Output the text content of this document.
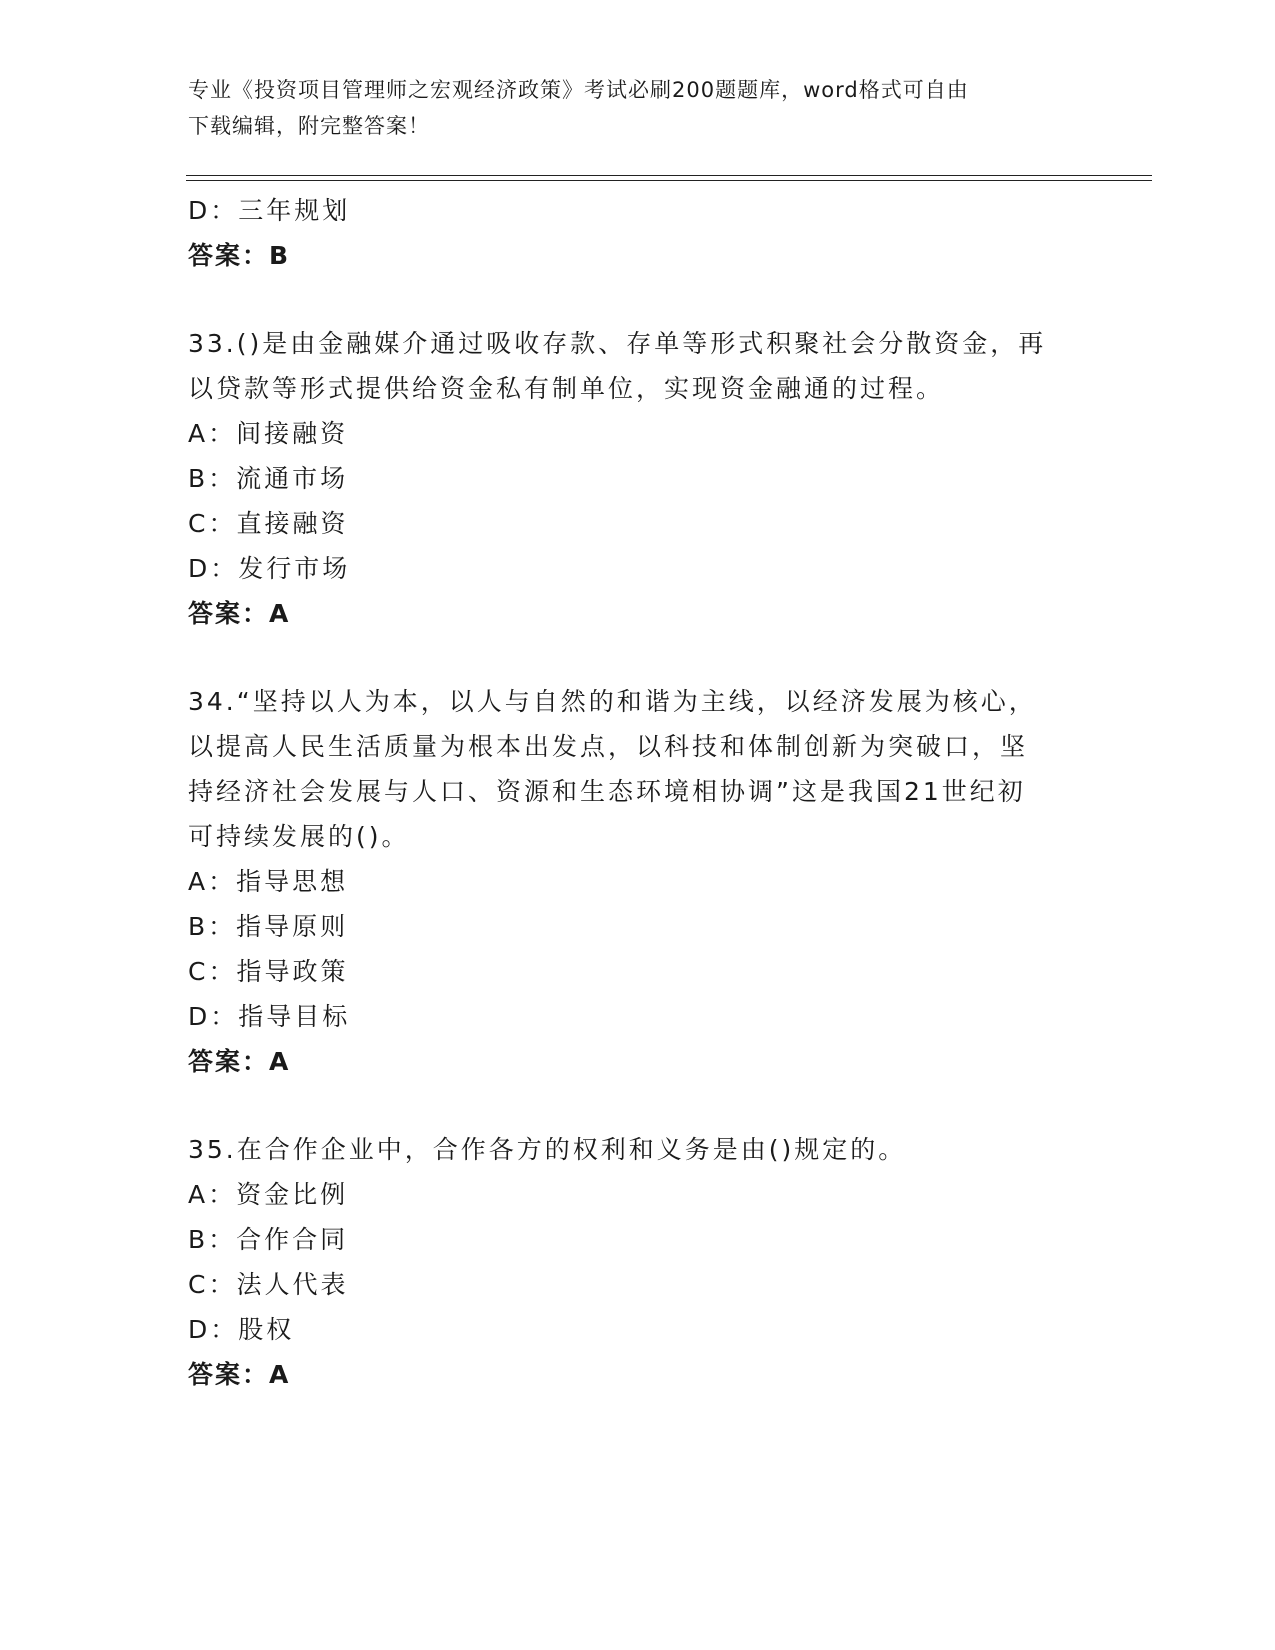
专业《投资项目管理师之宏观经济政策》考试必刷200题题库，word格式可自由
下载编辑，附完整答案！
D：三年规划
答案：B
33.()是由金融媒介通过吸收存款、存单等形式积聚社会分散资金，再
以贷款等形式提供给资金私有制单位，实现资金融通的过程。
A：间接融资
B：流通市场
C：直接融资
D：发行市场
答案：A
34.“坚持以人为本，以人与自然的和谐为主线，以经济发展为核心，
以提高人民生活质量为根本出发点，以科技和体制创新为突破口，坚
持经济社会发展与人口、资源和生态环境相协调”这是我国21世纪初
可持续发展的()。
A：指导思想
B：指导原则
C：指导政策
D：指导目标
答案：A
35.在合作企业中，合作各方的权利和义务是由()规定的。
A：资金比例
B：合作合同
C：法人代表
D：股权
答案：A
